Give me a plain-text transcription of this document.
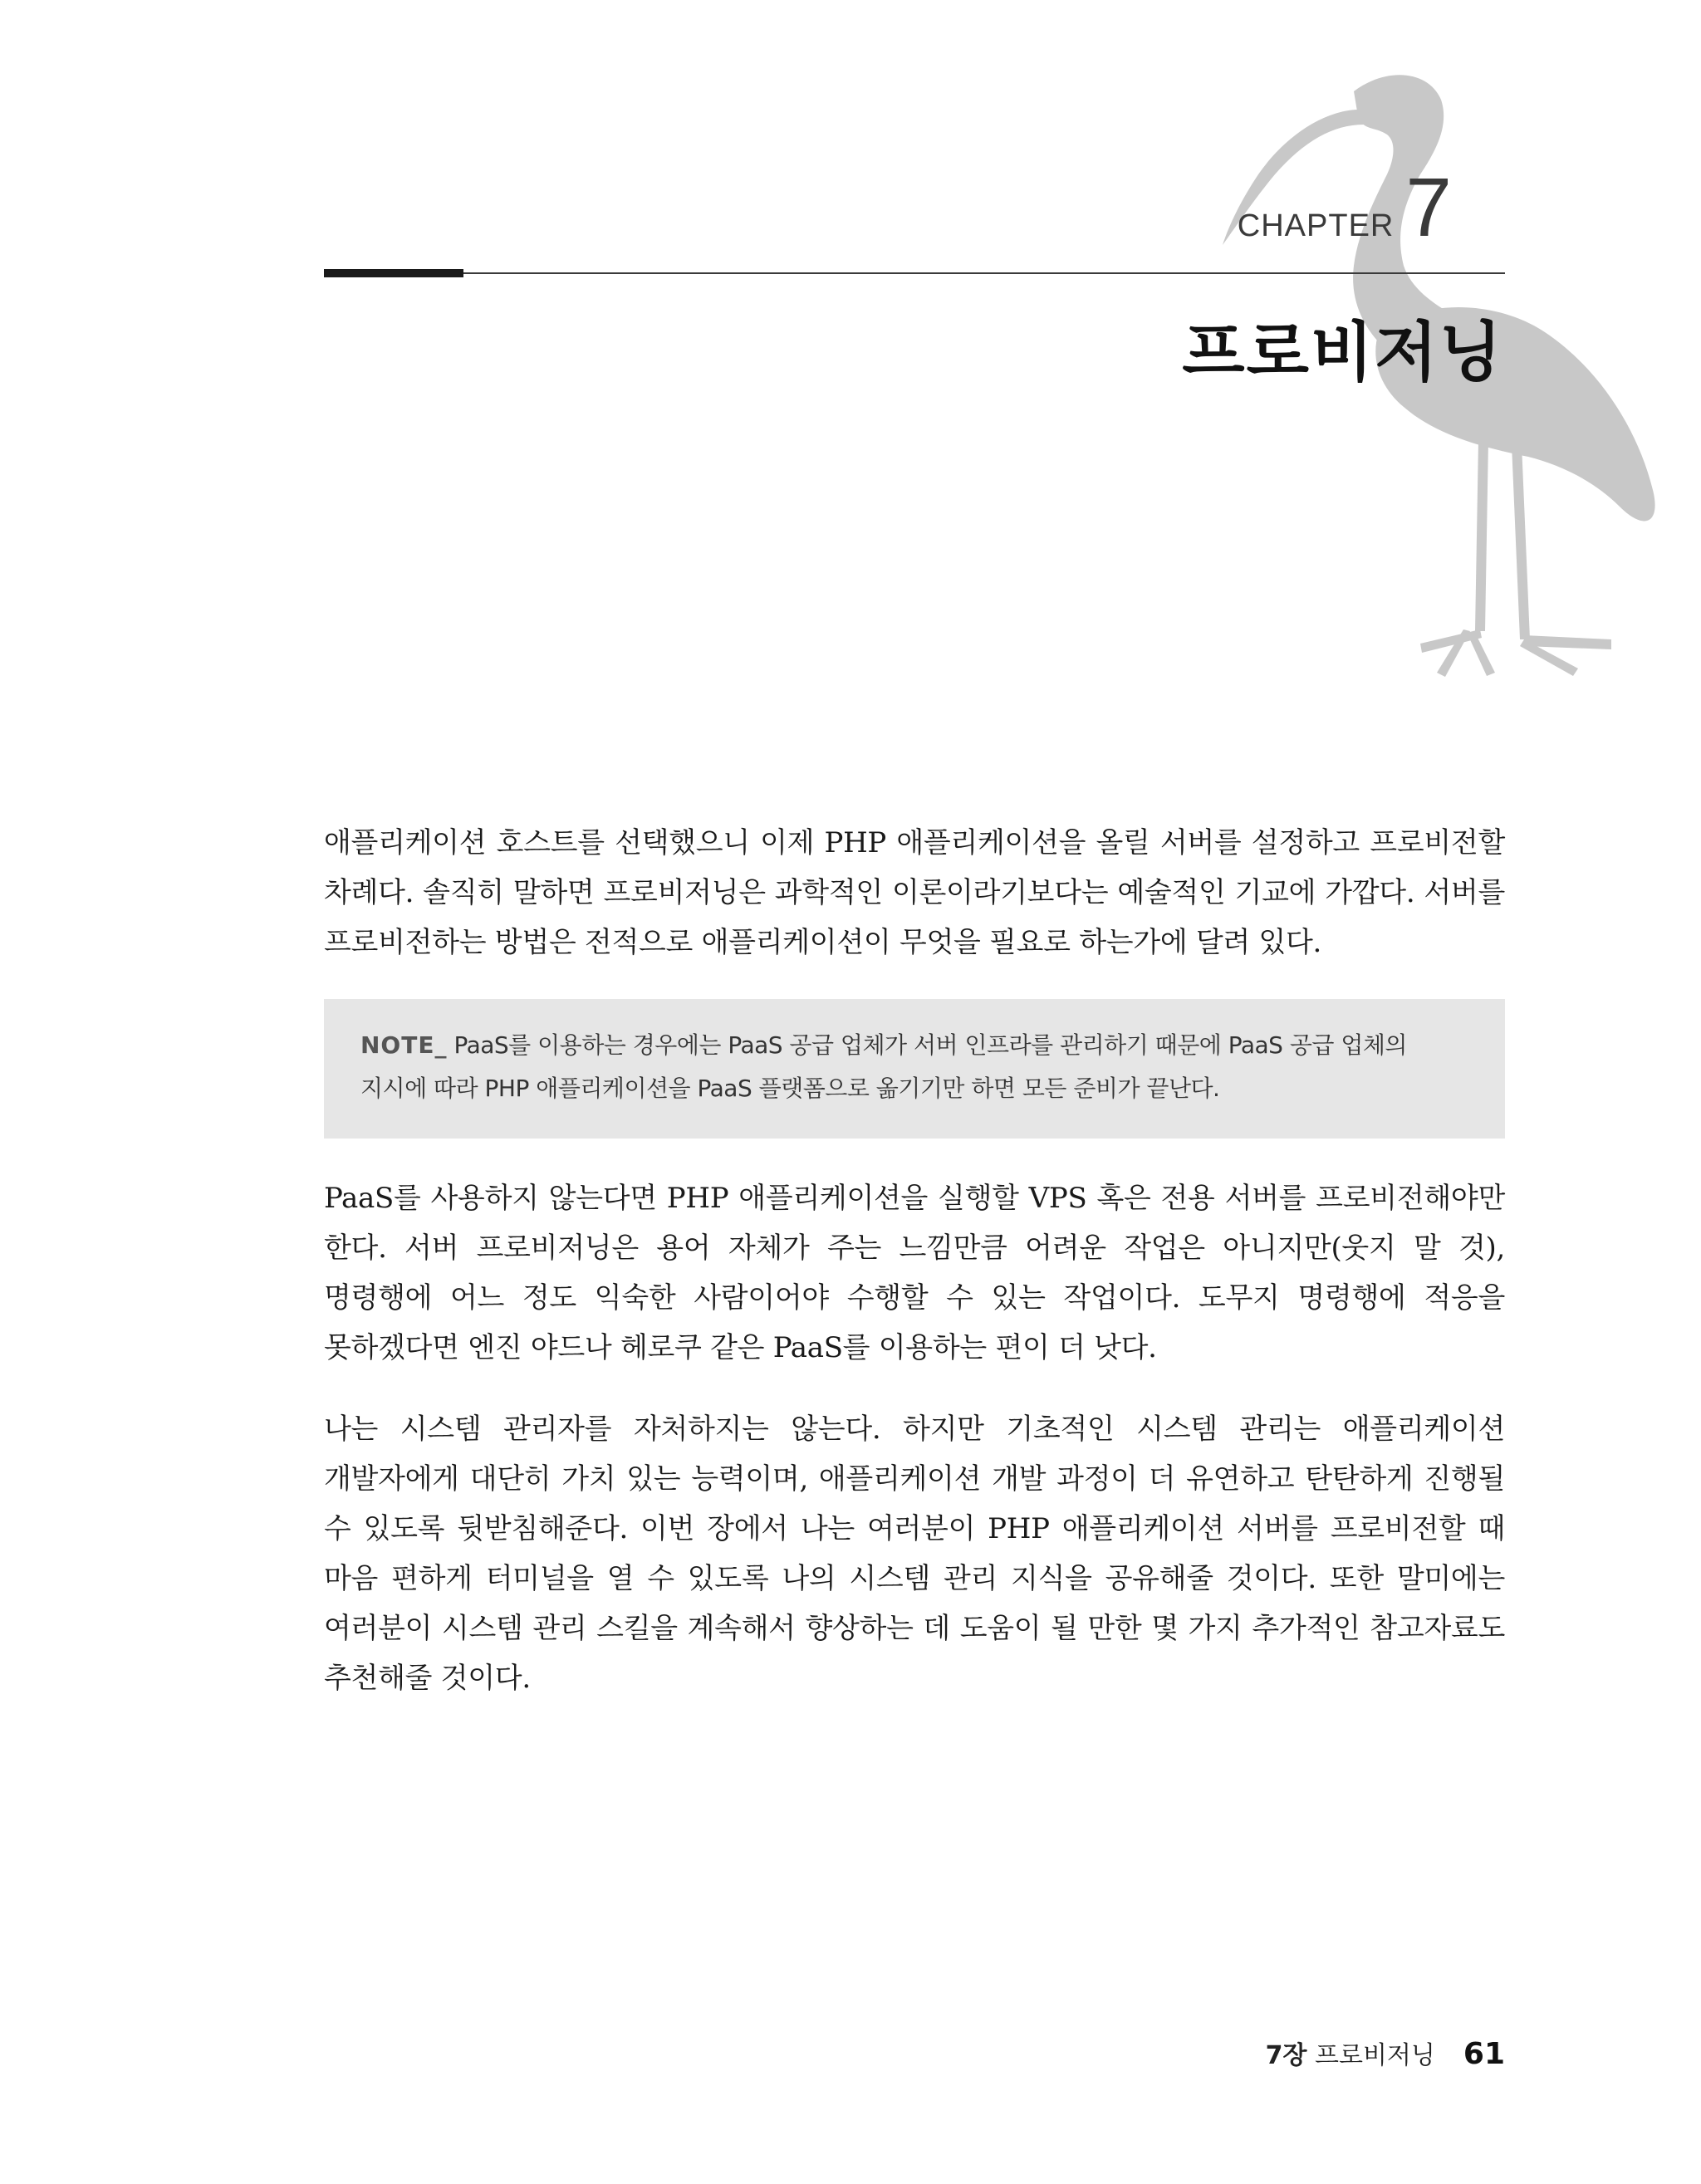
CHAPTER 7
프로비저닝

애플리케이션 호스트를 선택했으니 이제 PHP 애플리케이션을 올릴 서버를 설정하고 프로비전할 차례다. 솔직히 말하면 프로비저닝은 과학적인 이론이라기보다는 예술적인 기교에 가깝다. 서버를 프로비전하는 방법은 전적으로 애플리케이션이 무엇을 필요로 하는가에 달려 있다.

NOTE_ PaaS를 이용하는 경우에는 PaaS 공급 업체가 서버 인프라를 관리하기 때문에 PaaS 공급 업체의 지시에 따라 PHP 애플리케이션을 PaaS 플랫폼으로 옮기기만 하면 모든 준비가 끝난다.

PaaS를 사용하지 않는다면 PHP 애플리케이션을 실행할 VPS 혹은 전용 서버를 프로비전해야만 한다. 서버 프로비저닝은 용어 자체가 주는 느낌만큼 어려운 작업은 아니지만(웃지 말 것), 명령행에 어느 정도 익숙한 사람이어야 수행할 수 있는 작업이다. 도무지 명령행에 적응을 못하겠다면 엔진 야드나 헤로쿠 같은 PaaS를 이용하는 편이 더 낫다.

나는 시스템 관리자를 자처하지는 않는다. 하지만 기초적인 시스템 관리는 애플리케이션 개발자에게 대단히 가치 있는 능력이며, 애플리케이션 개발 과정이 더 유연하고 탄탄하게 진행될 수 있도록 뒷받침해준다. 이번 장에서 나는 여러분이 PHP 애플리케이션 서버를 프로비전할 때 마음 편하게 터미널을 열 수 있도록 나의 시스템 관리 지식을 공유해줄 것이다. 또한 말미에는 여러분이 시스템 관리 스킬을 계속해서 향상하는 데 도움이 될 만한 몇 가지 추가적인 참고자료도 추천해줄 것이다.

7장 프로비저닝 61
